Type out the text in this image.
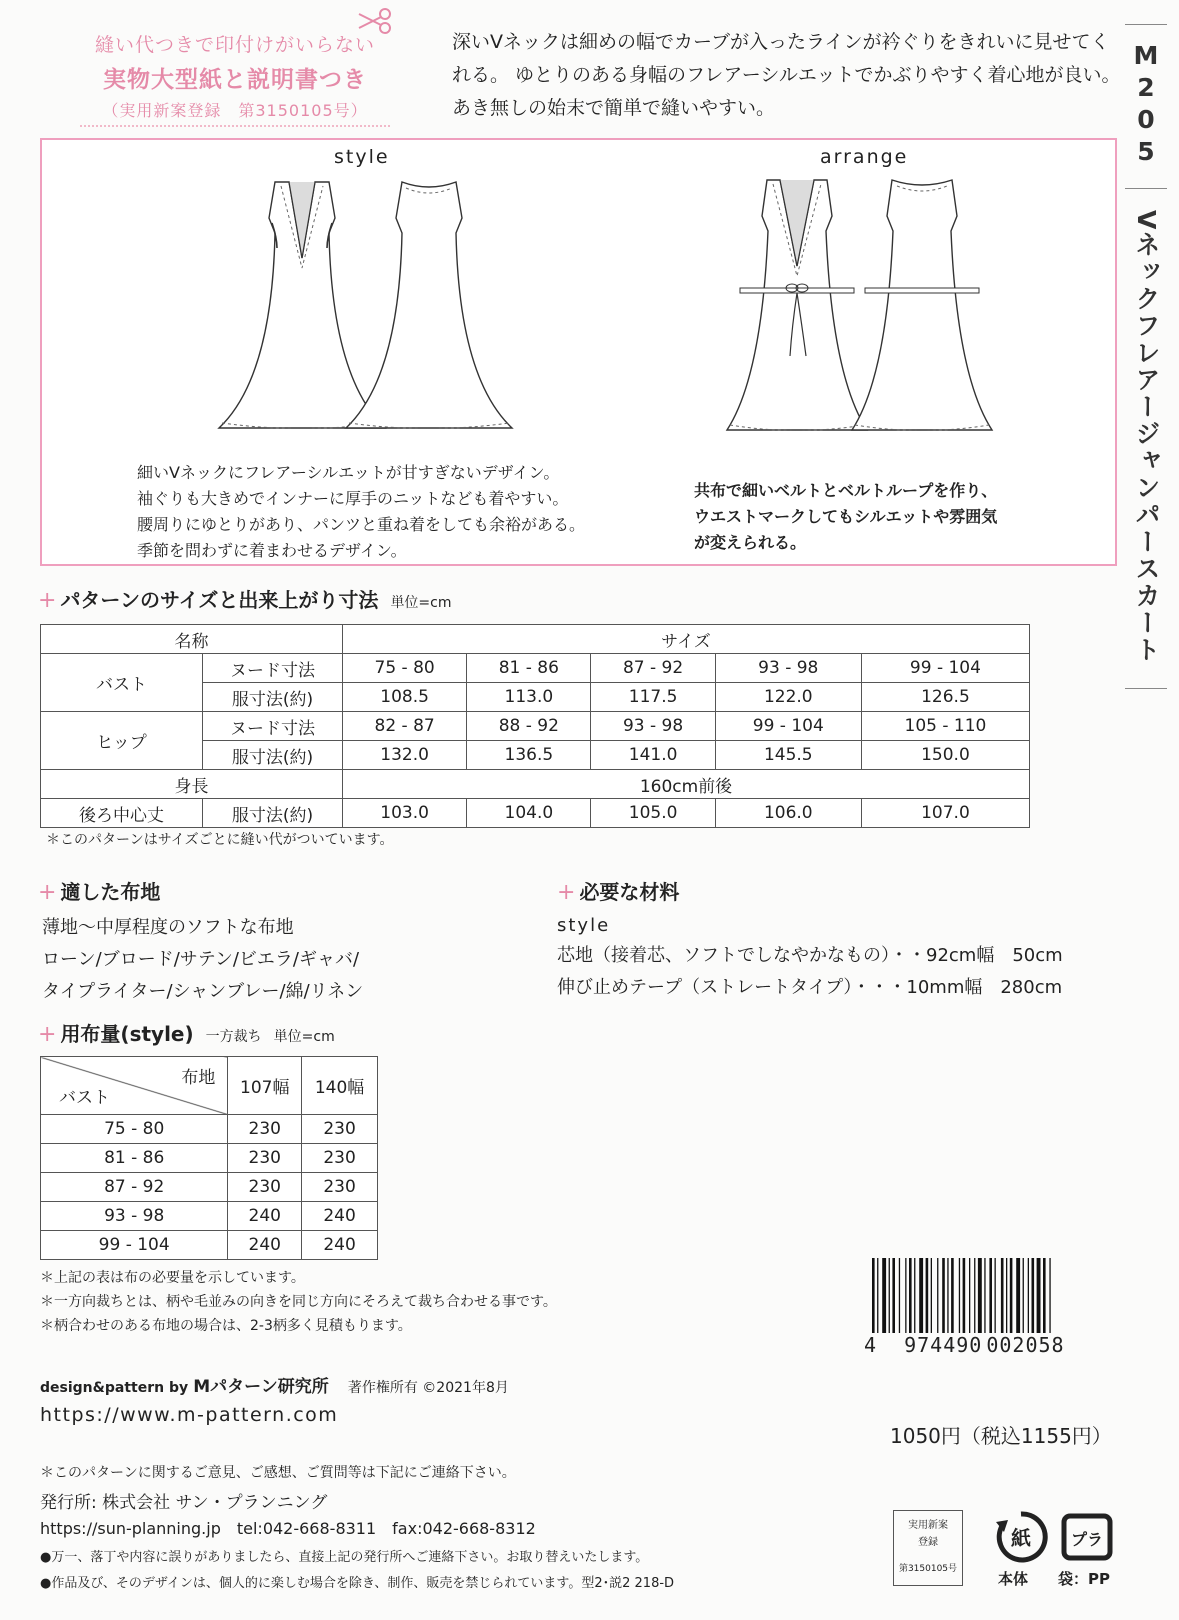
縫い代つきで印付けがいらない
実物大型紙と説明書つき
（実用新案登録　第3150105号）
深いVネックは細めの幅でカーブが入ったラインが衿ぐりをきれいに見せてくれる。 ゆとりのある身幅のフレアーシルエットでかぶりやすく着心地が良い。あき無しの始末で簡単で縫いやすい。
M
2
0
5
Vネックフレアージャンパースカート
style	arrange
細いVネックにフレアーシルエットが甘すぎないデザイン。
袖ぐりも大きめでインナーに厚手のニットなども着やすい。
腰周りにゆとりがあり、パンツと重ね着をしても余裕がある。
季節を問わずに着まわせるデザイン。
共布で細いベルトとベルトループを作り、
ウエストマークしてもシルエットや雰囲気
が変えられる。
+ パターンのサイズと出来上がり寸法 単位=cm
名称		サイズ				
バスト	ヌード寸法	75 - 80	81 - 86	87 - 92	93 - 98	99 - 104
	服寸法(約)	108.5	113.0	117.5	122.0	126.5
ヒップ	ヌード寸法	82 - 87	88 - 92	93 - 98	99 - 104	105 - 110
	服寸法(約)	132.0	136.5	141.0	145.5	150.0
身長		160cm前後				
後ろ中心丈	服寸法(約)	103.0	104.0	105.0	106.0	107.0
＊このパターンはサイズごとに縫い代がついています。
+ 適した布地
薄地～中厚程度のソフトな布地
ローン/ブロード/サテン/ビエラ/ギャバ/
タイプライター/シャンブレー/綿/リネン
+ 必要な材料
style
芯地（接着芯、ソフトでしなやかなもの）・・92cm幅　50cm
伸び止めテープ（ストレートタイプ）・・・10mm幅　280cm
+ 用布量(style) 一方裁ち 単位=cm
布地
バスト	107幅	140幅
75 - 80	230	230
81 - 86	230	230
87 - 92	230	230
93 - 98	240	240
99 - 104	240	240
＊上記の表は布の必要量を示しています。
＊一方向裁ちとは、柄や毛並みの向きを同じ方向にそろえて裁ち合わせる事です。
＊柄合わせのある布地の場合は、2-3柄多く見積もります。
4 974490 002058
1050円（税込1155円）
design&pattern by Mパターン研究所 著作権所有 ©2021年8月
https://www.m-pattern.com
＊このパターンに関するご意見、ご感想、ご質問等は下記にご連絡下さい。
発行所: 株式会社 サン・プランニング
https://sun-planning.jp　tel:042-668-8311　fax:042-668-8312
●万一、落丁や内容に誤りがありましたら、直接上記の発行所へご連絡下さい。お取り替えいたします。
●作品及び、そのデザインは、個人的に楽しむ場合を除き、制作、販売を禁じられています。型2･説2 218-D
実用新案
登録
第3150105号
紙 プラ
本体 袋：PP
